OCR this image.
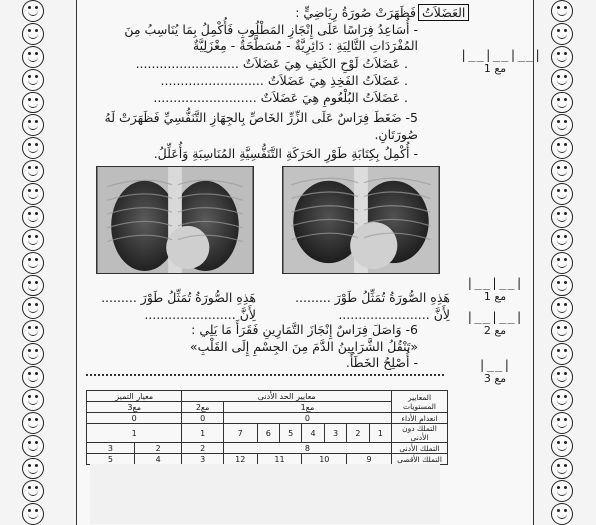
العَضَلاَتُ
فَظَهَرَتْ صُورَةُ رِيَاضِيٍّ :
- أُسَاعِدُ فِرَاسًا عَلَى إِنْجَازِ المَطْلُوبِ فَأُكْمِلُ بِمَا يُنَاسِبُ مِنَ
المُفْرَدَاتِ التَّالِيَةِ : دَائِرِيَّةٌ - مُسَطَّحَةٌ - مِغْزَلِيَّةٌ
. عَضَلاَتُ لَوْحِ الكَتِفِ هِيَ عَضَلاَتٌ ..........................
. عَضَلاَتُ الفَخِذِ هِيَ عَضَلاَتٌ ..........................
. عَضَلاَتُ البُلْعُومِ هِيَ عَضَلاَتٌ ..........................
|__|__|__|
مع 1
5- ضَغَطَ فِرَاسٌ عَلَى الزِّرِّ الخَاصِّ بِالجِهَازِ التَّنَفُّسِيِّ فَظَهَرَتْ لَهُ
صُورَتَانِ.
- أُكْمِلُ بِكِتَابَةِ طَوْرِ الحَرَكَةِ التَّنَفُّسِيَّةِ المُنَاسِبَةِ وَأُعَلِّلُ.
هَذِهِ الصُّورَةُ تُمَثِّلُ طَوْرَ .........
هَذِهِ الصُّورَةُ تُمَثِّلُ طَوْرَ .........
لِأَنَّ .......................
لِأَنَّ .......................
|__|__|
مع 1
6- وَاصَلَ فِرَاسٌ إِنْجَازَ التَّمَارِينِ فَقَرَأَ مَا يَلِي :
«تَنْقُلُ الشَّرَايِينُ الدَّمَ مِنَ الجِسْمِ إِلَى القَلْبِ»
- أُصْلِحُ الخَطَأَ.
|__|__|
مع 2
|__|
مع 3
المعايير
المستويات	معايير الحد الأدنى								معيار التميز	
	مع1							مع2	مع3	
انعدام الأداء	0							0	0	
التملك دون الأدنى	1	2	3	4	5	6	7	1	1	
التملك الأدنى	8							2	2	3
التملك الأقصى	9		10		11		12	3	4	5
